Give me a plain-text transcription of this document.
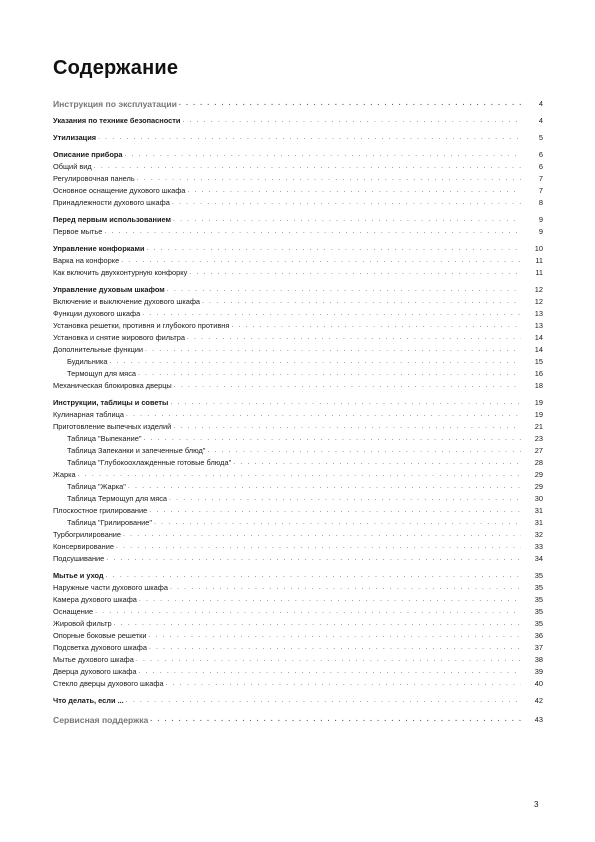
Содержание
Инструкция по эксплуатации . . .	4
Указания по технике безопасности . . .	4
Утилизация . . .	5
Описание прибора . . .	6
Общий вид . . .	6
Регулировочная панель . . .	7
Основное оснащение духового шкафа . . .	7
Принадлежности духового шкафа . . .	8
Перед первым использованием . . .	9
Первое мытье . . .	9
Управление конфорками . . .	10
Варка на конфорке . . .	11
Как включить двухконтурную конфорку . . .	11
Управление духовым шкафом . . .	12
Включение и выключение духового шкафа . . .	12
Функции духового шкафа . . .	13
Установка решетки, противня и глубокого противня . . .	13
Установка и снятие жирового фильтра . . .	14
Дополнительные функции . . .	14
Будильника . . .	15
Термощуп для мяса . . .	16
Механическая блокировка дверцы . . .	18
Инструкции, таблицы и советы . . .	19
Кулинарная таблица . . .	19
Приготовление выпечных изделий . . .	21
Таблица "Выпекание" . . .	23
Таблица Запеканки и запеченные блюд" . . .	27
Таблица "Глубокоохлажденные готовые блюда" . . .	28
Жарка . . .	29
Таблица "Жарка" . . .	29
Таблица Термощуп для мяса . . .	30
Плоскостное грилирование . . .	31
Таблица "Грилирование" . . .	31
Турбогрилирование . . .	32
Консервирование . . .	33
Подсушивание . . .	34
Мытье и уход . . .	35
Наружные части духового шкафа . . .	35
Камера духового шкафа . . .	35
Оснащение . . .	35
Жировой фильтр . . .	35
Опорные боковые решетки . . .	36
Подсветка духового шкафа . . .	37
Мытье духового шкафа . . .	38
Дверца духового шкафа . . .	39
Стекло дверцы духового шкафа . . .	40
Что делать, если ... . . .	42
Сервисная поддержка . . .	43
3
